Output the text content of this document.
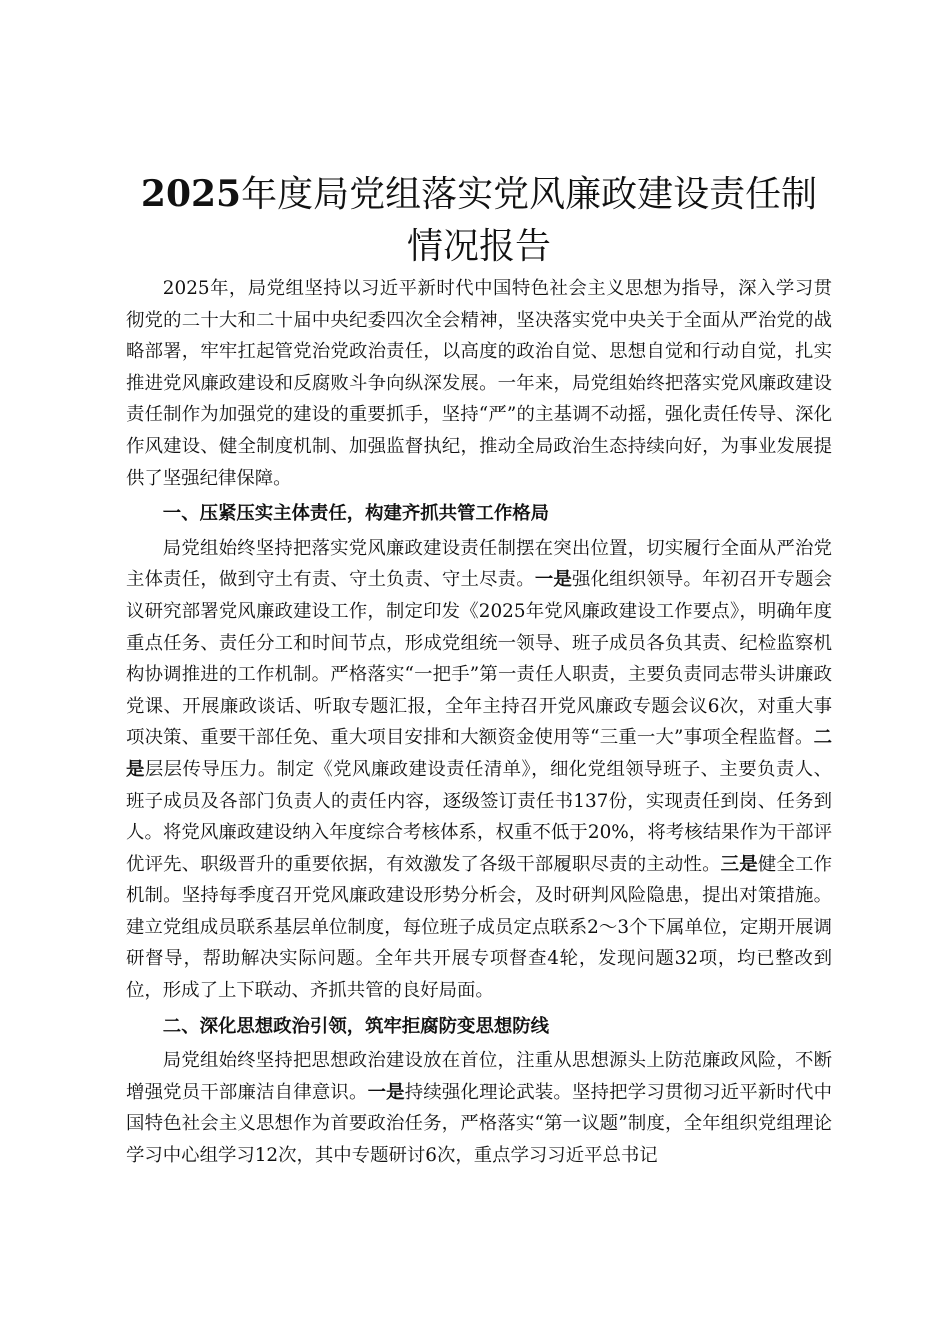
2025年度局党组落实党风廉政建设责任制情况报告

2025年，局党组坚持以习近平新时代中国特色社会主义思想为指导，深入学习贯彻党的二十大和二十届中央纪委四次全会精神，坚决落实党中央关于全面从严治党的战略部署，牢牢扛起管党治党政治责任，以高度的政治自觉、思想自觉和行动自觉，扎实推进党风廉政建设和反腐败斗争向纵深发展。一年来，局党组始终把落实党风廉政建设责任制作为加强党的建设的重要抓手，坚持“严”的主基调不动摇，强化责任传导、深化作风建设、健全制度机制、加强监督执纪，推动全局政治生态持续向好，为事业发展提供了坚强纪律保障。

一、压紧压实主体责任，构建齐抓共管工作格局

局党组始终坚持把落实党风廉政建设责任制摆在突出位置，切实履行全面从严治党主体责任，做到守土有责、守土负责、守土尽责。一是强化组织领导。年初召开专题会议研究部署党风廉政建设工作，制定印发《2025年党风廉政建设工作要点》，明确年度重点任务、责任分工和时间节点，形成党组统一领导、班子成员各负其责、纪检监察机构协调推进的工作机制。严格落实“一把手”第一责任人职责，主要负责同志带头讲廉政党课、开展廉政谈话、听取专题汇报，全年主持召开党风廉政专题会议6次，对重大事项决策、重要干部任免、重大项目安排和大额资金使用等“三重一大”事项全程监督。二是层层传导压力。制定《党风廉政建设责任清单》，细化党组领导班子、主要负责人、班子成员及各部门负责人的责任内容，逐级签订责任书137份，实现责任到岗、任务到人。将党风廉政建设纳入年度综合考核体系，权重不低于20%，将考核结果作为干部评优评先、职级晋升的重要依据，有效激发了各级干部履职尽责的主动性。三是健全工作机制。坚持每季度召开党风廉政建设形势分析会，及时研判风险隐患，提出对策措施。建立党组成员联系基层单位制度，每位班子成员定点联系2～3个下属单位，定期开展调研督导，帮助解决实际问题。全年共开展专项督查4轮，发现问题32项，均已整改到位，形成了上下联动、齐抓共管的良好局面。

二、深化思想政治引领，筑牢拒腐防变思想防线

局党组始终坚持把思想政治建设放在首位，注重从思想源头上防范廉政风险，不断增强党员干部廉洁自律意识。一是持续强化理论武装。坚持把学习贯彻习近平新时代中国特色社会主义思想作为首要政治任务，严格落实“第一议题”制度，全年组织党组理论学习中心组学习12次，其中专题研讨6次，重点学习习近平总书记
